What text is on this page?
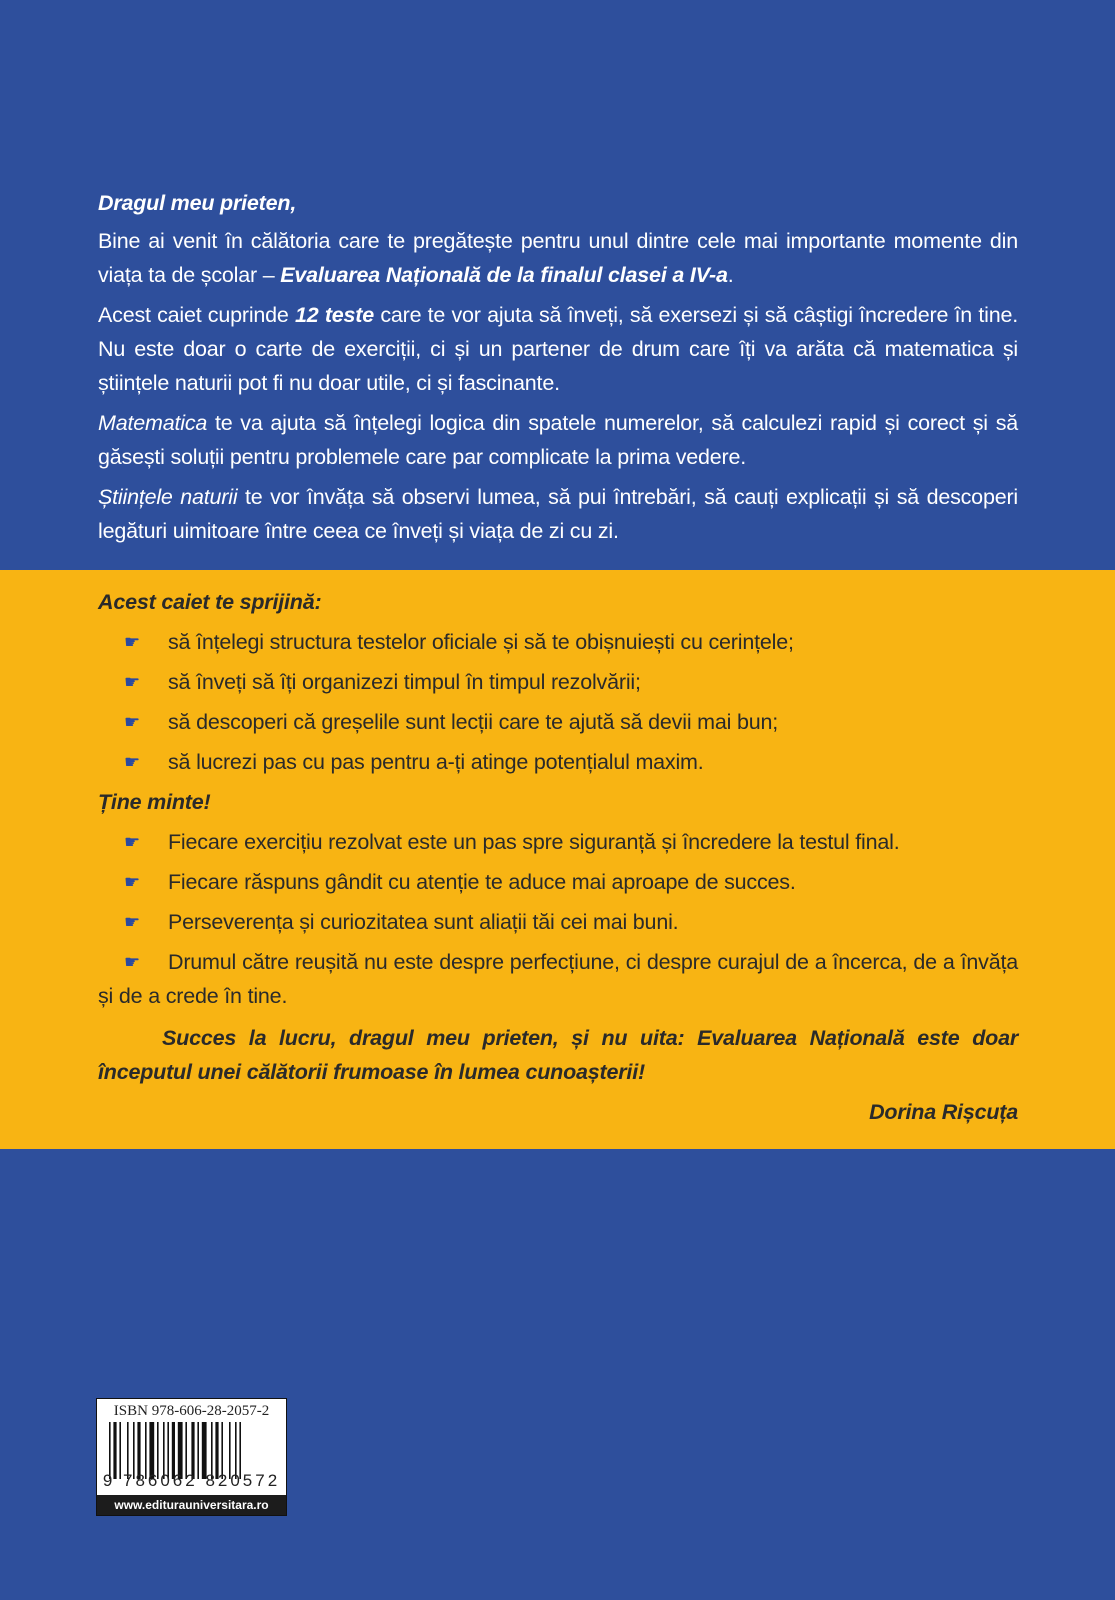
Dragul meu prieten,

Bine ai venit în călătoria care te pregătește pentru unul dintre cele mai importante momente din viața ta de școlar – Evaluarea Națională de la finalul clasei a IV-a.

Acest caiet cuprinde 12 teste care te vor ajuta să înveți, să exersezi și să câștigi încredere în tine. Nu este doar o carte de exerciții, ci și un partener de drum care îți va arăta că matematica și științele naturii pot fi nu doar utile, ci și fascinante.

Matematica te va ajuta să înțelegi logica din spatele numerelor, să calculezi rapid și corect și să găsești soluții pentru problemele care par complicate la prima vedere.

Științele naturii te vor învăța să observi lumea, să pui întrebări, să cauți explicații și să descoperi legături uimitoare între ceea ce înveți și viața de zi cu zi.

Acest caiet te sprijină:

☛ să înțelegi structura testelor oficiale și să te obișnuiești cu cerințele;
☛ să înveți să îți organizezi timpul în timpul rezolvării;
☛ să descoperi că greșelile sunt lecții care te ajută să devii mai bun;
☛ să lucrezi pas cu pas pentru a-ți atinge potențialul maxim.

Ține minte!

☛ Fiecare exercițiu rezolvat este un pas spre siguranță și încredere la testul final.
☛ Fiecare răspuns gândit cu atenție te aduce mai aproape de succes.
☛ Perseverența și curiozitatea sunt aliații tăi cei mai buni.
☛ Drumul către reușită nu este despre perfecțiune, ci despre curajul de a încerca, de a învăța și de a crede în tine.

Succes la lucru, dragul meu prieten, și nu uita: Evaluarea Națională este doar începutul unei călătorii frumoase în lumea cunoașterii!

Dorina Rișcuța

ISBN 978-606-28-2057-2
9 786062 820572
www.editurauniversitara.ro
